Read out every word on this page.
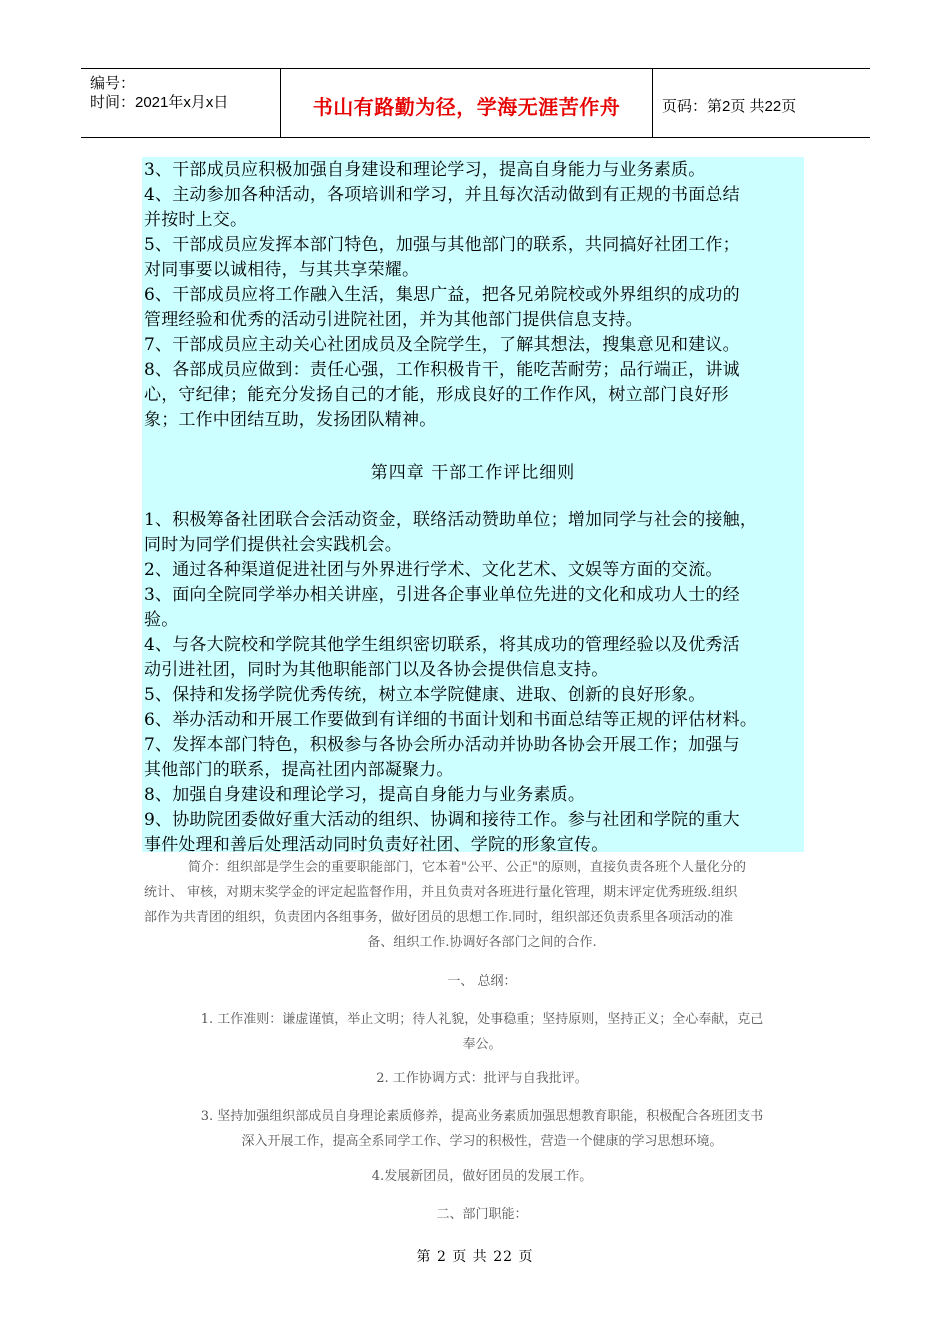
编号：
时间：2021年x月x日	书山有路勤为径，学海无涯苦作舟	页码：第2页 共22页
3、干部成员应积极加强自身建设和理论学习，提高自身能力与业务素质。
4、主动参加各种活动，各项培训和学习，并且每次活动做到有正规的书面总结
并按时上交。
5、干部成员应发挥本部门特色，加强与其他部门的联系，共同搞好社团工作；
对同事要以诚相待，与其共享荣耀。
6、干部成员应将工作融入生活，集思广益，把各兄弟院校或外界组织的成功的
管理经验和优秀的活动引进院社团，并为其他部门提供信息支持。
7、干部成员应主动关心社团成员及全院学生，了解其想法，搜集意见和建议。
8、各部成员应做到：责任心强，工作积极肯干，能吃苦耐劳；品行端正，讲诚
心，守纪律；能充分发扬自己的才能，形成良好的工作作风，树立部门良好形
象；工作中团结互助，发扬团队精神。
第四章 干部工作评比细则
1、积极筹备社团联合会活动资金，联络活动赞助单位；增加同学与社会的接触，
同时为同学们提供社会实践机会。
2、通过各种渠道促进社团与外界进行学术、文化艺术、文娱等方面的交流。
3、面向全院同学举办相关讲座，引进各企事业单位先进的文化和成功人士的经
验。
4、与各大院校和学院其他学生组织密切联系，将其成功的管理经验以及优秀活
动引进社团，同时为其他职能部门以及各协会提供信息支持。
5、保持和发扬学院优秀传统，树立本学院健康、进取、创新的良好形象。
6、举办活动和开展工作要做到有详细的书面计划和书面总结等正规的评估材料。
7、发挥本部门特色，积极参与各协会所办活动并协助各协会开展工作；加强与
其他部门的联系，提高社团内部凝聚力。
8、加强自身建设和理论学习，提高自身能力与业务素质。
9、协助院团委做好重大活动的组织、协调和接待工作。参与社团和学院的重大
事件处理和善后处理活动同时负责好社团、学院的形象宣传。
简介：组织部是学生会的重要职能部门，它本着"公平、公正"的原则，直接负责各班个人量化分的
统计、 审核，对期末奖学金的评定起监督作用，并且负责对各班进行量化管理，期末评定优秀班级.组织
部作为共青团的组织，负责团内各组事务，做好团员的思想工作.同时，组织部还负责系里各项活动的准
备、组织工作.协调好各部门之间的合作.
一、 总纲：
1. 工作准则：谦虚谨慎，举止文明；待人礼貌，处事稳重；坚持原则，坚持正义；全心奉献，克己
奉公。
2. 工作协调方式：批评与自我批评。
3. 坚持加强组织部成员自身理论素质修养，提高业务素质加强思想教育职能，积极配合各班团支书
深入开展工作，提高全系同学工作、学习的积极性，营造一个健康的学习思想环境。
4.发展新团员，做好团员的发展工作。
二、部门职能：
第 2 页 共 22 页
